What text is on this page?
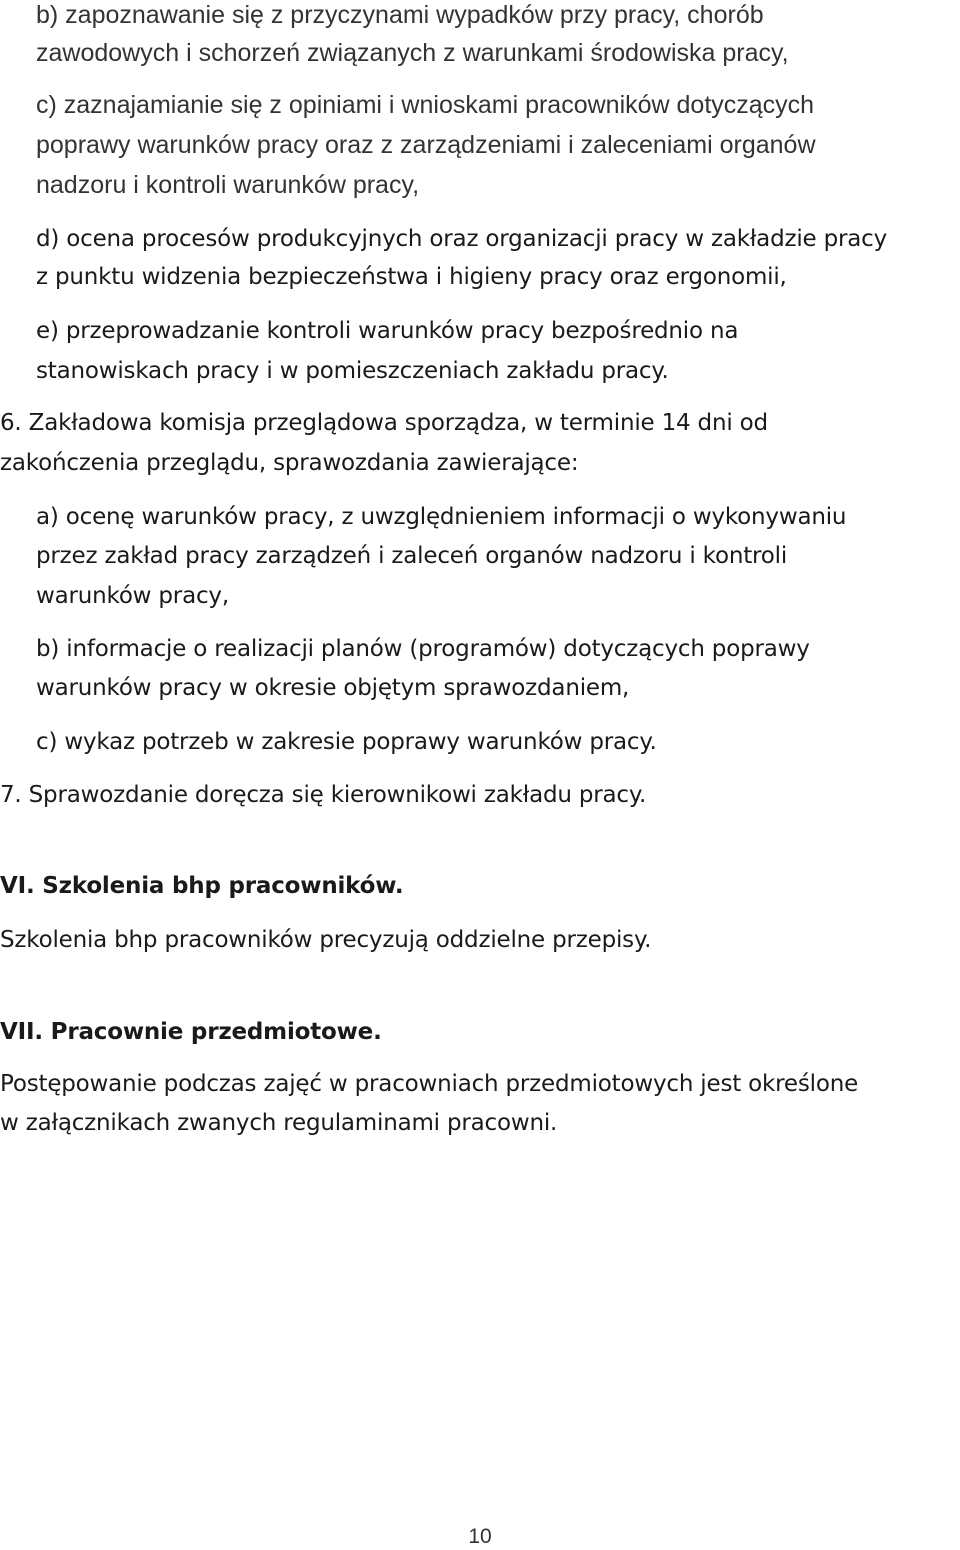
b) zapoznawanie się z przyczynami wypadków przy pracy, chorób
zawodowych i schorzeń związanych z warunkami środowiska pracy,
c) zaznajamianie się z opiniami i wnioskami pracowników dotyczących
poprawy warunków pracy oraz z zarządzeniami i zaleceniami organów
nadzoru i kontroli warunków pracy,
d) ocena procesów produkcyjnych oraz organizacji pracy w zakładzie pracy
z punktu widzenia bezpieczeństwa i higieny pracy oraz ergonomii,
e) przeprowadzanie kontroli warunków pracy bezpośrednio na
stanowiskach pracy i w pomieszczeniach zakładu pracy.
6. Zakładowa komisja przeglądowa sporządza, w terminie 14 dni od
zakończenia przeglądu, sprawozdania zawierające:
a) ocenę warunków pracy, z uwzględnieniem informacji o wykonywaniu
przez zakład pracy zarządzeń i zaleceń organów nadzoru i kontroli
warunków pracy,
b) informacje o realizacji planów (programów) dotyczących poprawy
warunków pracy w okresie objętym sprawozdaniem,
c) wykaz potrzeb w zakresie poprawy warunków pracy.
7. Sprawozdanie doręcza się kierownikowi zakładu pracy.
VI. Szkolenia bhp pracowników.
Szkolenia bhp pracowników precyzują oddzielne przepisy.
VII. Pracownie przedmiotowe.
Postępowanie podczas zajęć w pracowniach przedmiotowych jest określone
w załącznikach zwanych regulaminami pracowni.
10
